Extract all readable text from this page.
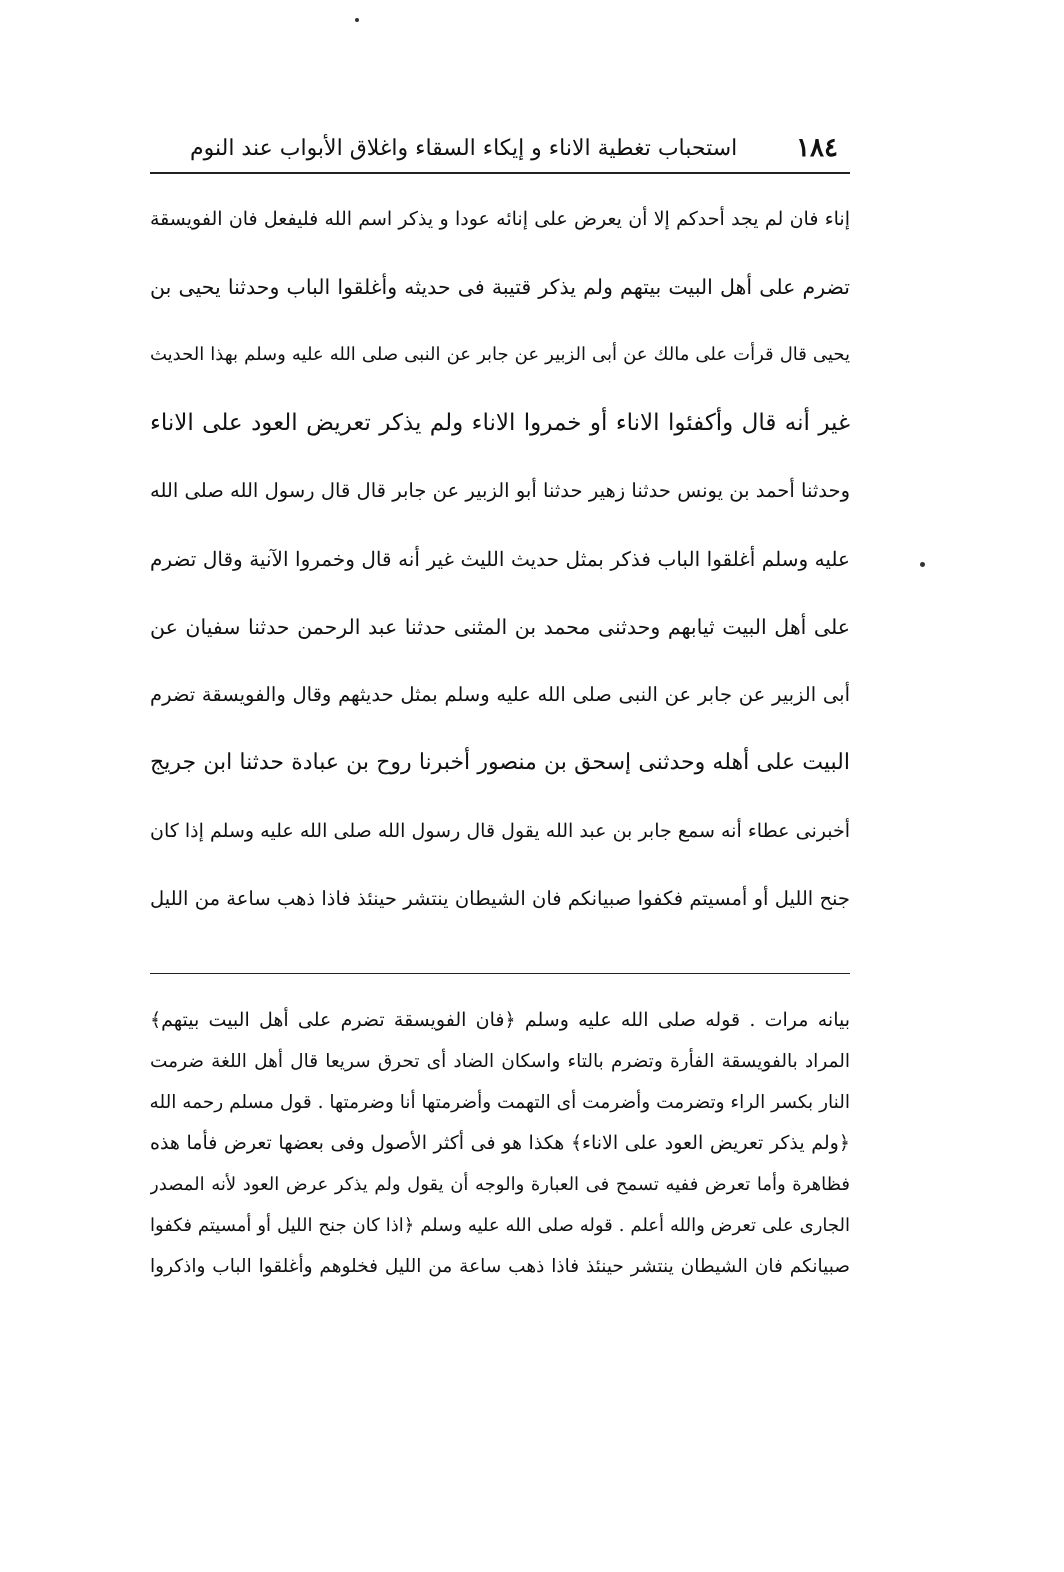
١٨٤
استحباب تغطية الاناء و إيكاء السقاء واغلاق الأبواب عند النوم
إناء فان لم يجد أحدكم إلا أن يعرض على إنائه عودا و يذكر اسم الله فليفعل فان الفويسقة
تضرم على أهل البيت بيتهم ولم يذكر قتيبة فى حديثه وأغلقوا الباب وحدثنا يحيى بن
يحيى قال قرأت على مالك عن أبى الزبير عن جابر عن النبى صلى الله عليه وسلم بهذا الحديث
غير أنه قال وأكفئوا الاناء أو خمروا الاناء ولم يذكر تعريض العود على الاناء
وحدثنا أحمد بن يونس حدثنا زهير حدثنا أبو الزبير عن جابر قال قال رسول الله صلى الله
عليه وسلم أغلقوا الباب فذكر بمثل حديث الليث غير أنه قال وخمروا الآنية وقال تضرم
على أهل البيت ثيابهم وحدثنى محمد بن المثنى حدثنا عبد الرحمن حدثنا سفيان عن
أبى الزبير عن جابر عن النبى صلى الله عليه وسلم بمثل حديثهم وقال والفويسقة تضرم
البيت على أهله وحدثنى إسحق بن منصور أخبرنا روح بن عبادة حدثنا ابن جريج
أخبرنى عطاء أنه سمع جابر بن عبد الله يقول قال رسول الله صلى الله عليه وسلم إذا كان
جنح الليل أو أمسيتم فكفوا صبيانكم فان الشيطان ينتشر حينئذ فاذا ذهب ساعة من الليل
بيانه مرات . قوله صلى الله عليه وسلم ﴿فان الفويسقة تضرم على أهل البيت بيتهم﴾
المراد بالفويسقة الفأرة وتضرم بالتاء واسكان الضاد أى تحرق سريعا قال أهل اللغة ضرمت
النار بكسر الراء وتضرمت وأضرمت أى التهمت وأضرمتها أنا وضرمتها . قول مسلم رحمه الله
﴿ولم يذكر تعريض العود على الاناء﴾ هكذا هو فى أكثر الأصول وفى بعضها تعرض فأما هذه
فظاهرة وأما تعرض ففيه تسمح فى العبارة والوجه أن يقول ولم يذكر عرض العود لأنه المصدر
الجارى على تعرض والله أعلم . قوله صلى الله عليه وسلم ﴿اذا كان جنح الليل أو أمسيتم فكفوا
صبيانكم فان الشيطان ينتشر حينئذ فاذا ذهب ساعة من الليل فخلوهم وأغلقوا الباب واذكروا
